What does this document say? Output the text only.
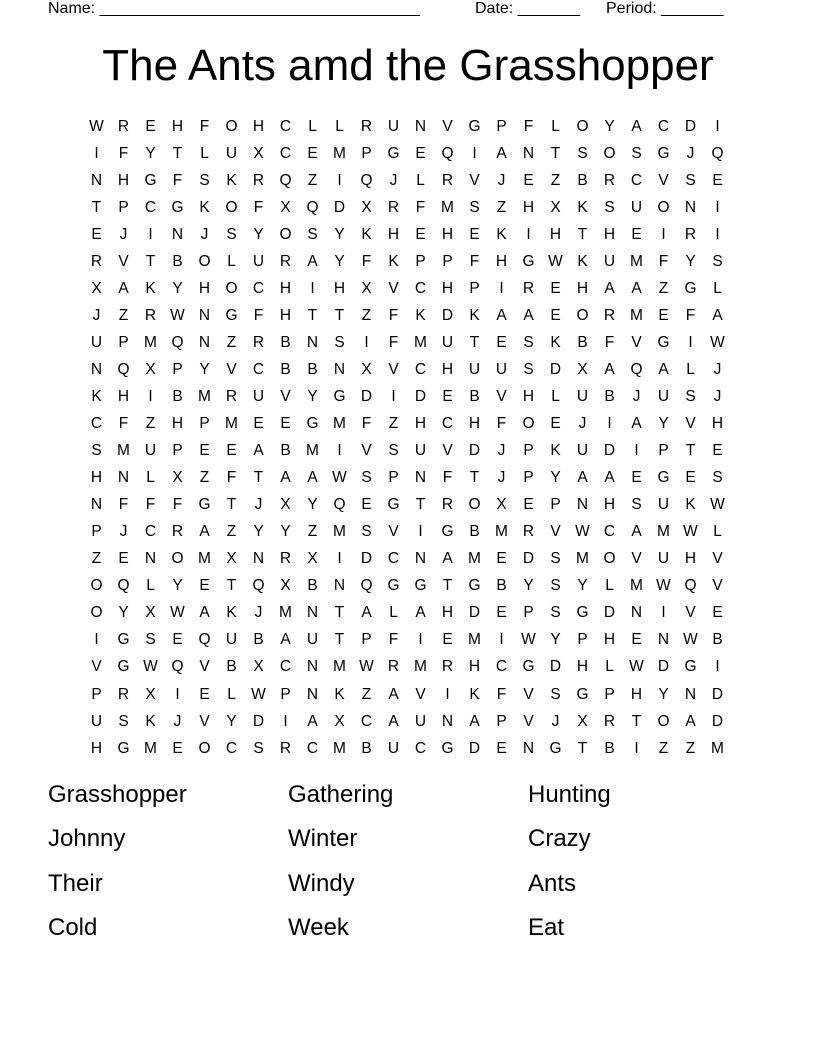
Name: ____________________________________

	Date: _______

Period: _______

The Ants amd the Grasshopper
W R	E	H	F	O H	C	L	L	R	U	N	V	G	P	F	L	O	Y	A	C	D	I
I	F	Y	T	L	U	X	C	E M P	G	E	Q	I	A	N	T	S	O	S	G	J	Q
N	H G	F	S	K	R Q	Z	I	Q	J	L	R	V	J	E	Z	B	R	C	V	S	E
T	P	C G	K	O	F	X	Q D	X	R	F	M S	Z	H	X	K	S	U O N	I
E	J	I	N	J	S	Y	O	S	Y	K	H	E	H	E	K	I	H	T	H	E	I	R	I
R	V	T	B	O	L	U	R	A	Y	F	K	P	P	F	H G W K	U M	F	Y	S
X	A	K	Y	H O C	H	I	H	X	V	C	H	P	I	R	E	H	A	A	Z	G	L
J	Z	R W N G	F	H	T	T	Z	F	K	D	K	A	A	E	O R M E	F	A
U	P M Q N	Z	R	B	N	S	I	F	M U	T	E	S	K	B	F	V	G	I	W
N Q	X	P	Y	V	C	B	B	N	X	V	C	H	U	U	S	D	X	A	Q	A	L	J
K	H	I	B M R	U	V	Y	G D	I	D	E	B	V	H	L	U	B	J	U	S	J
C	F	Z	H	P M E	E	G M	F	Z	H	C	H	F	O	E	J	I	A	Y	V	H
S M U	P	E	E	A	B M	I	V	S	U	V	D	J	P	K	U	D	I	P	T	E
H	N	L	X	Z	F	T	A	A W S	P	N	F	T	J	P	Y	A	A	E	G	E	S
N	F	F	F	G	T	J	X	Y	Q	E	G	T	R O	X	E	P	N	H	S	U	K W
P	J	C	R	A	Z	Y	Y	Z	M S	V	I	G	B M R	V W C	A M W L
Z	E	N O M X	N	R	X	I	D	C	N	A M E	D	S M O	V	U	H	V
O Q	L	Y	E	T	Q	X	B	N Q G G	T	G	B	Y	S	Y	L	M W Q	V
O	Y	X W A	K	J	M N	T	A	L	A	H	D	E	P	S	G D	N	I	V	E
I	G	S	E	Q U	B	A	U	T	P	F	I	E M	I	W Y	P	H	E	N W B
V	G W Q	V	B	X	C	N M W R M R	H	C G D	H	L W D G	I
P	R	X	I	E	L W P	N	K	Z	A	V	I	K	F	V	S	G	P	H	Y	N	D
U	S	K	J	V	Y	D	I	A	X	C	A	U	N	A	P	V	J	X	R	T	O	A	D
H G M E	O C	S	R	C M B	U	C G D	E	N G	T	B	I	Z	Z	M
Grasshopper	Gathering	Hunting
Johnny	Winter	Crazy
Their	Windy	Ants
Cold	Week	Eat
